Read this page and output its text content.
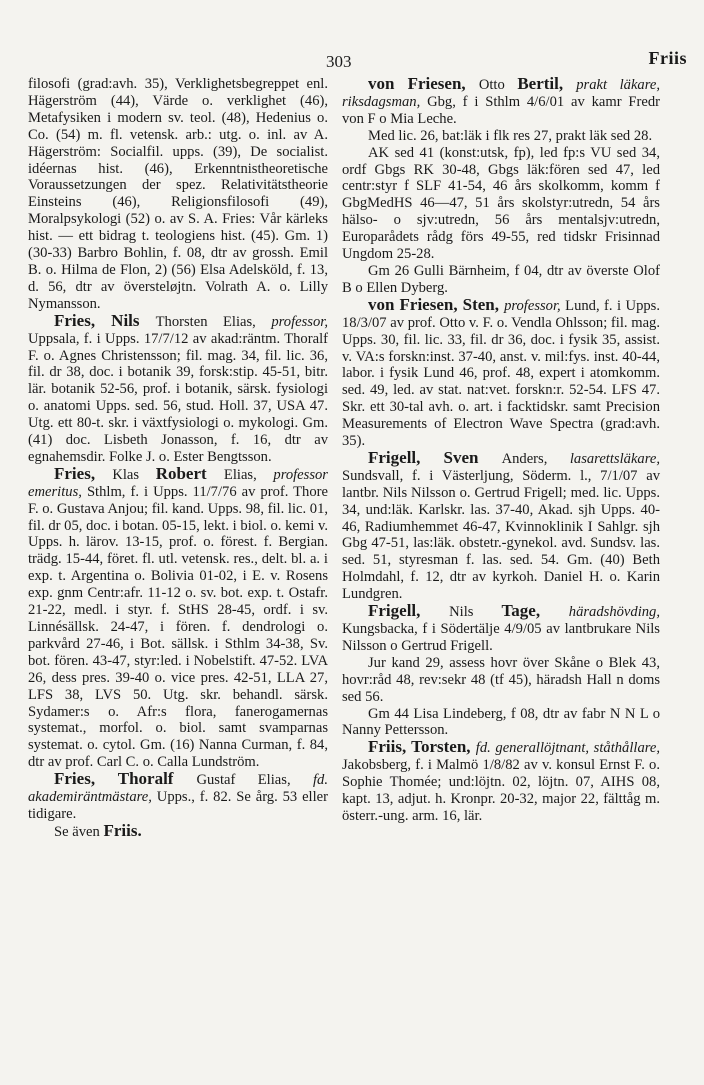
303	Friis

filosofi (grad:avh. 35), Verklighetsbegreppet enl. Hägerström (44), Värde o. verklighet (46), Metafysiken i modern sv. teol. (48), Hedenius o. Co. (54) m. fl. vetensk. arb.: utg. o. inl. av A. Hägerström: Socialfil. upps. (39), De socialist. idéernas hist. (46), Erkenntnistheoretische Voraussetzungen der spez. Relativitätstheorie Einsteins (46), Religionsfilosofi (49), Moralpsykologi (52) o. av S. A. Fries: Vår kärleks hist. — ett bidrag t. teologiens hist. (45). Gm. 1) (30-33) Barbro Bohlin, f. 08, dtr av grossh. Emil B. o. Hilma de Flon, 2) (56) Elsa Adelsköld, f. 13, d. 56, dtr av översteløjtn. Volrath A. o. Lilly Nymansson.

Fries, Nils Thorsten Elias, professor, Uppsala, f. i Upps. 17/7/12 av akad:räntm. Thoralf F. o. Agnes Christensson; fil. mag. 34, fil. lic. 36, fil. dr 38, doc. i botanik 39, forsk:stip. 45-51, bitr. lär. botanik 52-56, prof. i botanik, särsk. fysiologi o. anatomi Upps. sed. 56, stud. Holl. 37, USA 47. Utg. ett 80-t. skr. i växtfysiologi o. mykologi. Gm. (41) doc. Lisbeth Jonasson, f. 16, dtr av egnahemsdir. Folke J. o. Ester Bengtsson.

Fries, Klas Robert Elias, professor emeritus, Sthlm, f. i Upps. 11/7/76 av prof. Thore F. o. Gustava Anjou; fil. kand. Upps. 98, fil. lic. 01, fil. dr 05, doc. i botan. 05-15, lekt. i biol. o. kemi v. Upps. h. lärov. 13-15, prof. o. förest. f. Bergian. trädg. 15-44, föret. fl. utl. vetensk. res., delt. bl. a. i exp. t. Argentina o. Bolivia 01-02, i E. v. Rosens exp. gnm Centr:afr. 11-12 o. sv. bot. exp. t. Ostafr. 21-22, medl. i styr. f. StHS 28-45, ordf. i sv. Linnésällsk. 24-47, i fören. f. dendrologi o. parkvård 27-46, i Bot. sällsk. i Sthlm 34-38, Sv. bot. fören. 43-47, styr:led. i Nobelstift. 47-52. LVA 26, dess pres. 39-40 o. vice pres. 42-51, LLA 27, LFS 38, LVS 50. Utg. skr. behandl. särsk. Sydamer:s o. Afr:s flora, fanerogamernas systemat., morfol. o. biol. samt svamparnas systemat. o. cytol. Gm. (16) Nanna Curman, f. 84, dtr av prof. Carl C. o. Calla Lundström.

Fries, Thoralf Gustaf Elias, fd. akademiräntmästare, Upps., f. 82. Se årg. 53 eller tidigare.

Se även Friis.

von Friesen, Otto Bertil, prakt läkare, riksdagsman, Gbg, f i Sthlm 4/6/01 av kamr Fredr von F o Mia Leche.

Med lic. 26, bat:läk i flk res 27, prakt läk sed 28.

AK sed 41 (konst:utsk, fp), led fp:s VU sed 34, ordf Gbgs RK 30-48, Gbgs läk:fören sed 47, led centr:styr f SLF 41-54, 46 års skolkomm, komm f GbgMedHS 46—47, 51 års skolstyr:utredn, 54 års hälso- o sjv:utredn, 56 års mentalsjv:utredn, Europarådets rådg förs 49-55, red tidskr Frisinnad Ungdom 25-28.

Gm 26 Gulli Bärnheim, f 04, dtr av överste Olof B o Ellen Dyberg.

von Friesen, Sten, professor, Lund, f. i Upps. 18/3/07 av prof. Otto v. F. o. Vendla Ohlsson; fil. mag. Upps. 30, fil. lic. 33, fil. dr 36, doc. i fysik 35, assist. v. VA:s forskn:inst. 37-40, anst. v. mil:fys. inst. 40-44, labor. i fysik Lund 46, prof. 48, expert i atomkomm. sed. 49, led. av stat. nat:vet. forskn:r. 52-54. LFS 47. Skr. ett 30-tal avh. o. art. i facktidskr. samt Precision Measurements of Electron Wave Spectra (grad:avh. 35).

Frigell, Sven Anders, lasarettsläkare, Sundsvall, f. i Västerljung, Söderm. l., 7/1/07 av lantbr. Nils Nilsson o. Gertrud Frigell; med. lic. Upps. 34, und:läk. Karlskr. las. 37-40, Akad. sjh Upps. 40-46, Radiumhemmet 46-47, Kvinnoklinik I Sahlgr. sjh Gbg 47-51, las:läk. obstetr.-gynekol. avd. Sundsv. las. sed. 51, styresman f. las. sed. 54. Gm. (40) Beth Holmdahl, f. 12, dtr av kyrkoh. Daniel H. o. Karin Lundgren.

Frigell, Nils Tage, häradshövding, Kungsbacka, f i Södertälje 4/9/05 av lantbrukare Nils Nilsson o Gertrud Frigell.

Jur kand 29, assess hovr över Skåne o Blek 43, hovr:råd 48, rev:sekr 48 (tf 45), häradsh Hall n doms sed 56.

Gm 44 Lisa Lindeberg, f 08, dtr av fabr N N L o Nanny Pettersson.

Friis, Torsten, fd. generallöjtnant, ståthållare, Jakobsberg, f. i Malmö 1/8/82 av v. konsul Ernst F. o. Sophie Thomée; und:löjtn. 02, löjtn. 07, AIHS 08, kapt. 13, adjut. h. Kronpr. 20-32, major 22, fälttåg m. österr.-ung. arm. 16, lär.
